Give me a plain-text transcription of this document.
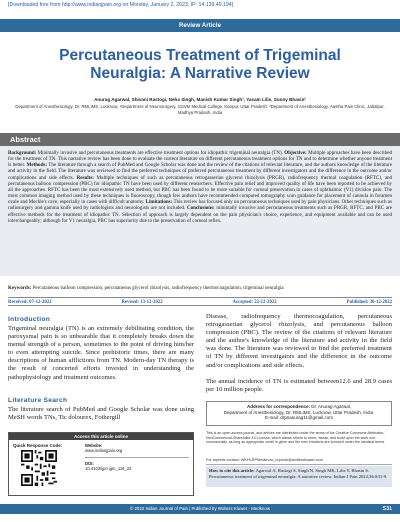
[Downloaded free from http://www.indianjpain.org on Monday, January 2, 2023, IP: 14.139.49.194]
Review Article
Percutaneous Treatment of Trigeminal Neuralgia: A Narrative Review
Anurag Agarwal, Shivani Rastogi, Neha Singh, Manish Kumar Singh¹, Yasam Lilis, Sunny Bhasin²
Department of Anesthesiology, Dr. RMLIMS, Lucknow, ¹Department of Neurosurgery, GSVM Medical College, Kanpur, Uttar Pradesh, ²Department of Anesthesiology, Aastha Pain Clinic, Jabalpur, Madhya Pradesh, India
Abstract
Background: Minimally invasive and percutaneous treatments are effective treatment options for idiopathic trigeminal neuralgia (TN). Objective: Multiple approaches have been described for the treatment of TN. This narrative review has been done to evaluate the current literature on different percutaneous treatment options for TN and to determine whether anyone treatment is better. Methods: The literature through a search of PubMed and Google Scholar was done and the review of the citations of relevant literature, and the authors knowledge of the literature and activity in the field. The literature was reviewed to find the preferred techniques of preferred percutaneous treatment by different investigators and the difference in the outcome and/or complications and side effects. Results: Multiple techniques of such as percutaneous retrogasserian glycerol rhizolysis (PRGR), radiofrequency thermal coagulation (RFTC), and percutaneous balloon compression (PBC) for idiopathic TN have been used by different researchers. Effective pain relief and improved quality of life have been reported to be achieved by all the approaches. RFTC has been the most extensively used method, but PBC has been found to be more suitable for corneal preservation in cases of ophthalmic (V1) division pain. The most common imaging method used by these techniques is fluoroscopy, though few authors have recommended computed tomography scan guidance for placement of cannula in foramen ovale and Meckle's cave, especially in cases with difficult anatomy. Limitations: This review has focused only on percutaneous techniques used by pain physicians. Other techniques such as radiosurgery and gamma knife used by radiologists and neurologists are not included. Conclusions: minimally invasive and percutaneous treatments such as PRGR, RFTC, and PBC are effective methods for the treatment of idiopathic TN. Selection of approach is largely dependent on the pain physician's choice, experience, and equipment available and can be used interchangeably; although for V1 neuralgia, PBC has superiority due to the preservation of corneal reflex.
Keywords: Percutaneous balloon compression, percutaneous glycerol rhizolysis, radiofrequency thermocoagulation, trigeminal neuralgia
Received: 07-12-2022	Revised: 13-12-2022	Accepted: 22-12-2022	Published: 30-12-2022
Introduction
Trigeminal neuralgia (TN) is an extremely debilitating condition, the paroxysmal pain is so unbearable that it completely breaks down the mental strength of a person, sometimes to the point of driving him/her to even attempting suicide. Since prehistoric times, there are many descriptions of human afflictions from TN. Modern-day TN therapy is the result of concerted efforts invested in understanding the pathophysiology and treatment outcomes.
Literature Search
The literature search of PubMed and Google Scholar was done using MeSH words TNs, Tic dolourex, Fothergill
Disease, radiofrequency thermocoagulation, percutaneous retrogasserian glycerol rhizolysis, and percutaneous balloon compression (PBC). The review of the citations of relevant literature and the author's knowledge of the literature and activity in the field was done. The literature was reviewed to find the preferred treatment of TN by different investigators and the difference in the outcome and/or complications and side effects.
The annual incidence of TN is estimated between12.6 and 28.9 cases per 10 million people.
Access this article online
Quick Response Code:	Website:
www.indianjpain.org
DOI:
10.4103/ijpn.ijpn_119_22
Address for correspondence: Dr. Anurag Agarwal,
Department of Anesthesiology, Dr. RMLIMS, Lucknow, Uttar Pradesh, India.
E-mail: drpnanurag11@gmail.com
This is an open access journal, and articles are distributed under the terms of the Creative Commons Attribution-NonCommercial-ShareAlike 4.0 License, which allows others to remix, tweak, and build upon the work non-commercially, as long as appropriate credit is given and the new creations are licensed under the identical terms.
For reprints contact: WKHLRPMedknow_reprints@wolterskluwer.com
How to cite this article: Agarwal A, Rastogi S, Singh N, Singh MK, Lilis Y, Bhasin S. Percutaneous treatment of trigeminal neuralgia: A narrative review. Indian J Pain 2022;36:S31-9.
© 2022 Indian Journal of Pain | Published by Wolters Kluwer - Medknow	S31
